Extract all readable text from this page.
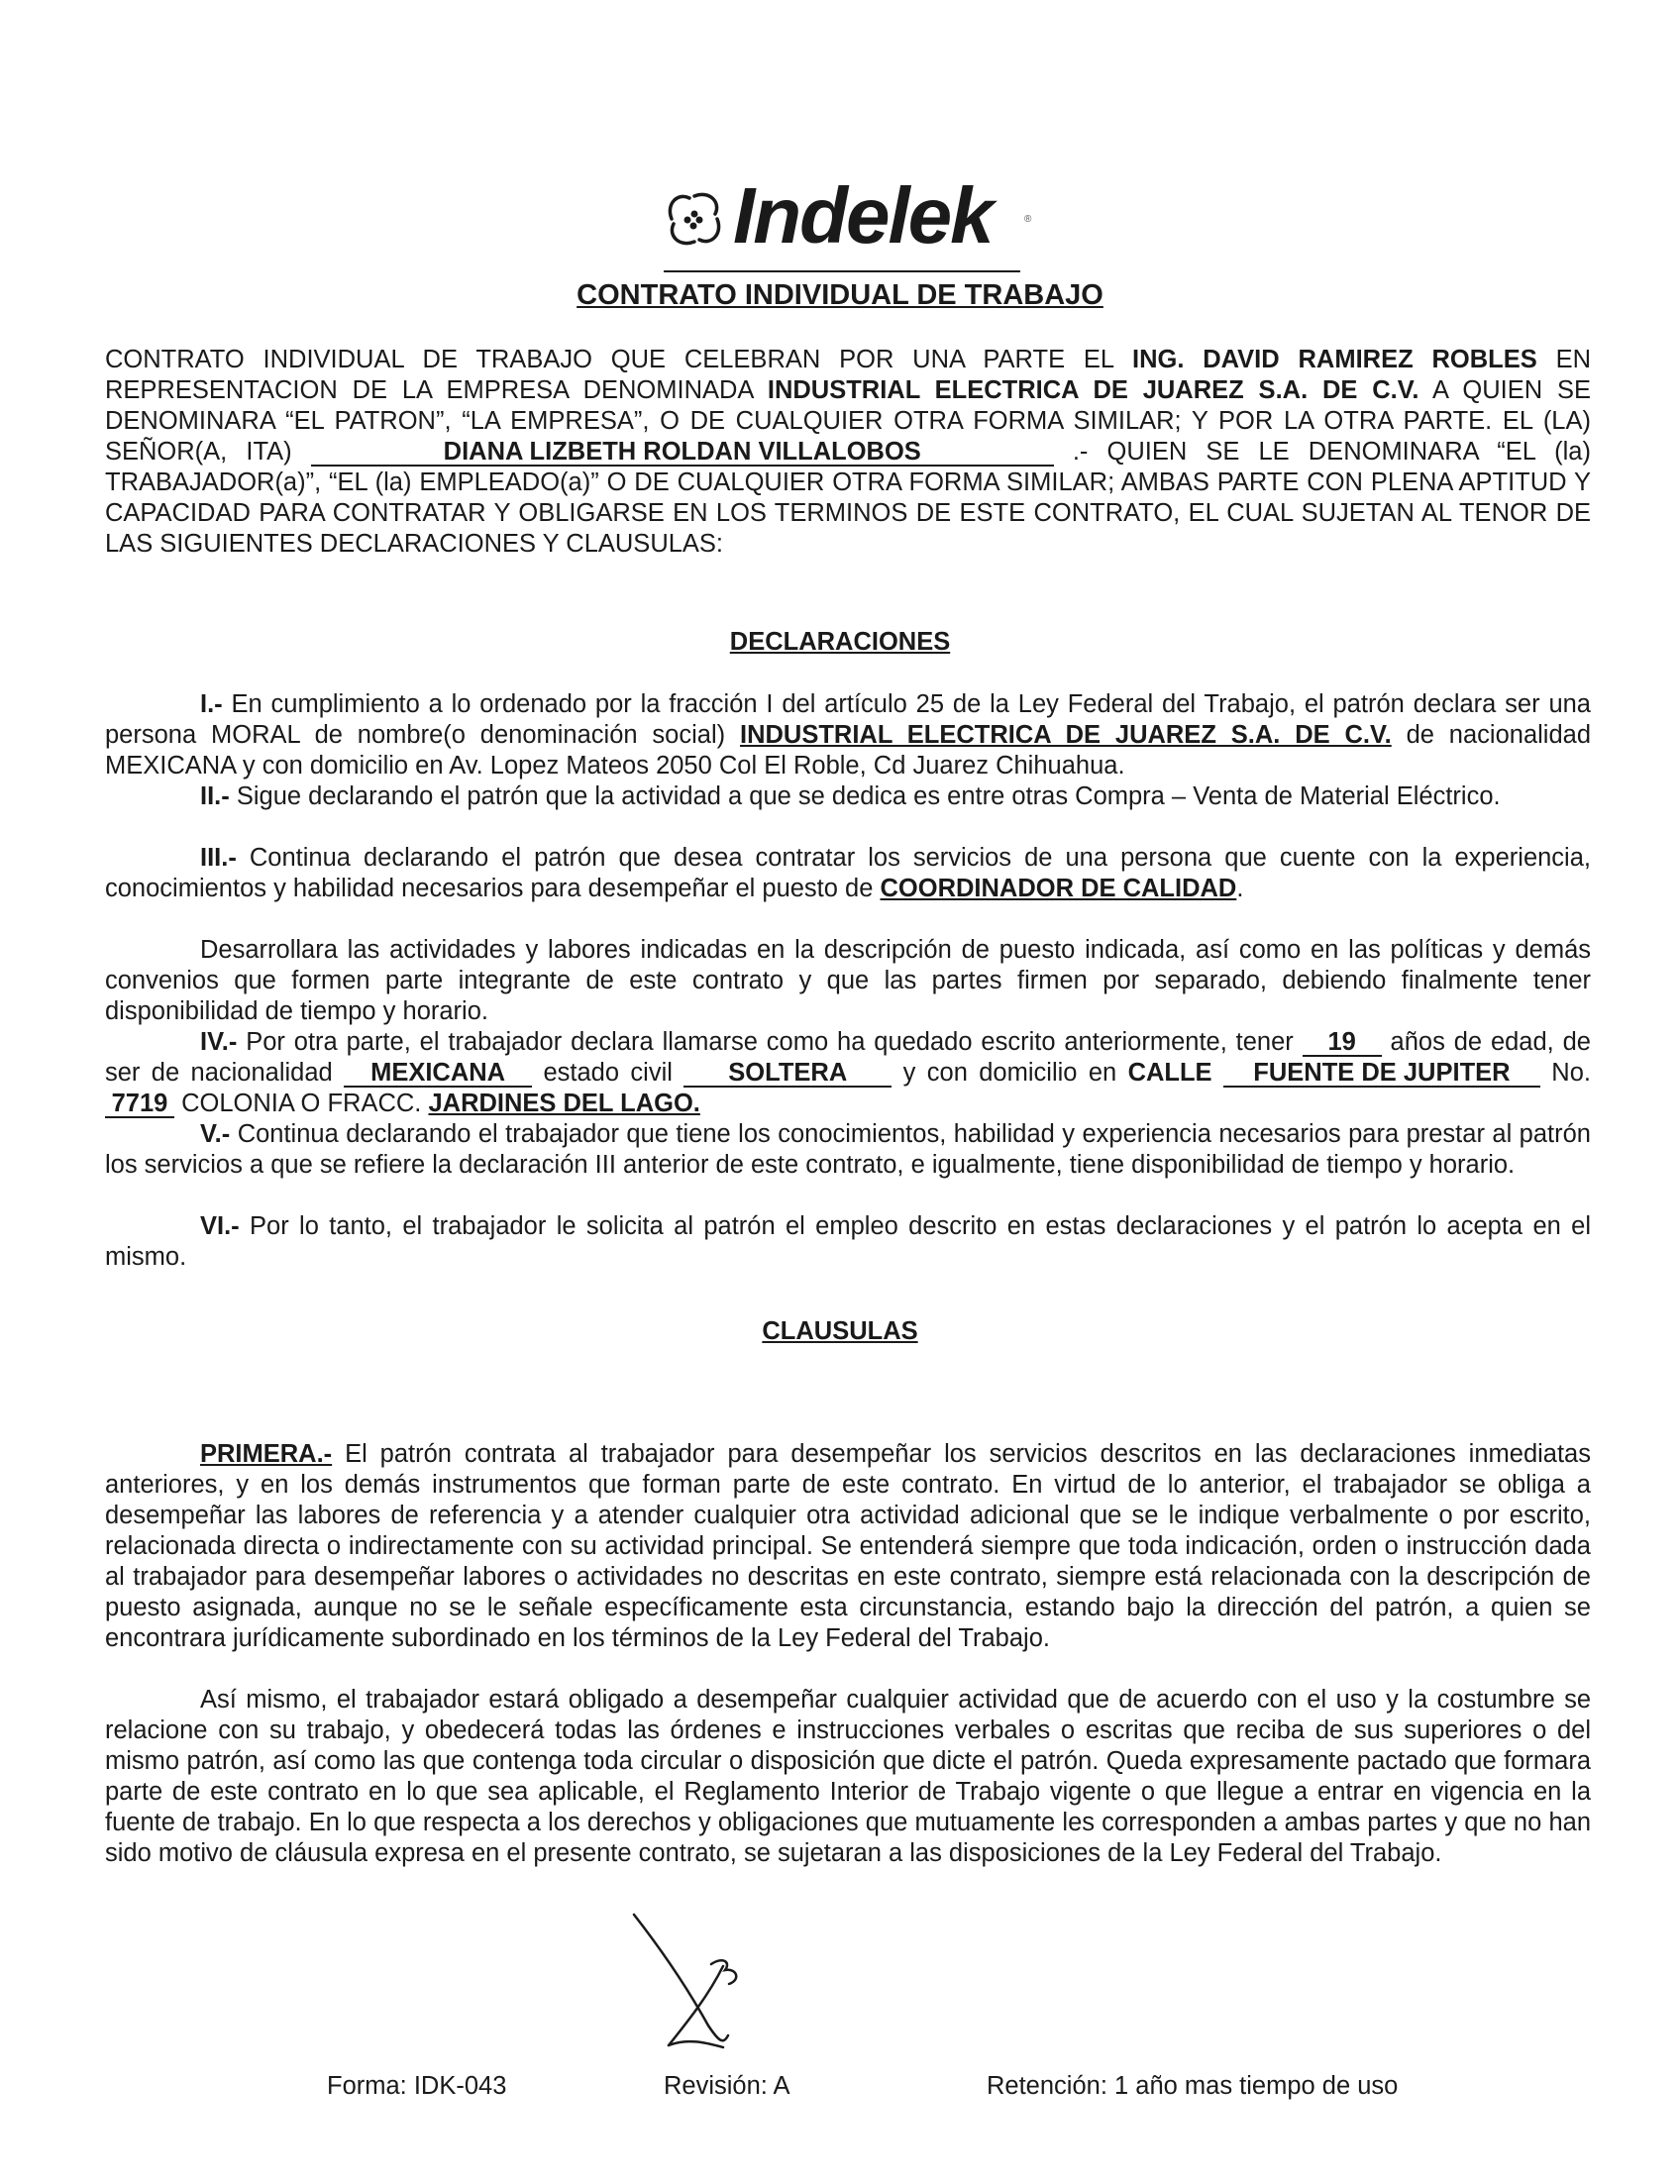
Indelek	®
CONTRATO INDIVIDUAL DE TRABAJO

CONTRATO INDIVIDUAL DE TRABAJO QUE CELEBRAN POR UNA PARTE EL ING. DAVID RAMIREZ ROBLES EN REPRESENTACION DE LA EMPRESA DENOMINADA INDUSTRIAL ELECTRICA DE JUAREZ S.A. DE C.V. A QUIEN SE DENOMINARA “EL PATRON”, “LA EMPRESA”, O DE CUALQUIER OTRA FORMA SIMILAR; Y POR LA OTRA PARTE. EL (LA) SEÑOR(A, ITA)	DIANA LIZBETH ROLDAN VILLALOBOS	.- QUIEN SE LE DENOMINARA “EL (la) TRABAJADOR(a)”, “EL (la) EMPLEADO(a)” O DE CUALQUIER OTRA FORMA SIMILAR; AMBAS PARTE CON PLENA APTITUD Y CAPACIDAD PARA CONTRATAR Y OBLIGARSE EN LOS TERMINOS DE ESTE CONTRATO, EL CUAL SUJETAN AL TENOR DE LAS SIGUIENTES DECLARACIONES Y CLAUSULAS:

DECLARACIONES

I.- En cumplimiento a lo ordenado por la fracción I del artículo 25 de la Ley Federal del Trabajo, el patrón declara ser una persona MORAL de nombre(o denominación social) INDUSTRIAL ELECTRICA DE JUAREZ S.A. DE C.V. de nacionalidad MEXICANA y con domicilio en Av. Lopez Mateos 2050 Col El Roble, Cd Juarez Chihuahua.

II.- Sigue declarando el patrón que la actividad a que se dedica es entre otras Compra – Venta de Material Eléctrico.

III.- Continua declarando el patrón que desea contratar los servicios de una persona que cuente con la experiencia, conocimientos y habilidad necesarios para desempeñar el puesto de COORDINADOR DE CALIDAD.

Desarrollara las actividades y labores indicadas en la descripción de puesto indicada, así como en las políticas y demás convenios que formen parte integrante de este contrato y que las partes firmen por separado, debiendo finalmente tener disponibilidad de tiempo y horario.

IV.- Por otra parte, el trabajador declara llamarse como ha quedado escrito anteriormente, tener 19 años de edad, de ser de nacionalidad MEXICANA estado civil SOLTERA y con domicilio en CALLE FUENTE DE JUPITER No. 7719 COLONIA O FRACC. JARDINES DEL LAGO.

V.- Continua declarando el trabajador que tiene los conocimientos, habilidad y experiencia necesarios para prestar al patrón los servicios a que se refiere la declaración III anterior de este contrato, e igualmente, tiene disponibilidad de tiempo y horario.

VI.- Por lo tanto, el trabajador le solicita al patrón el empleo descrito en estas declaraciones y el patrón lo acepta en el mismo.

CLAUSULAS

PRIMERA.- El patrón contrata al trabajador para desempeñar los servicios descritos en las declaraciones inmediatas anteriores, y en los demás instrumentos que forman parte de este contrato. En virtud de lo anterior, el trabajador se obliga a desempeñar las labores de referencia y a atender cualquier otra actividad adicional que se le indique verbalmente o por escrito, relacionada directa o indirectamente con su actividad principal. Se entenderá siempre que toda indicación, orden o instrucción dada al trabajador para desempeñar labores o actividades no descritas en este contrato, siempre está relacionada con la descripción de puesto asignada, aunque no se le señale específicamente esta circunstancia, estando bajo la dirección del patrón, a quien se encontrara jurídicamente subordinado en los términos de la Ley Federal del Trabajo.

Así mismo, el trabajador estará obligado a desempeñar cualquier actividad que de acuerdo con el uso y la costumbre se relacione con su trabajo, y obedecerá todas las órdenes e instrucciones verbales o escritas que reciba de sus superiores o del mismo patrón, así como las que contenga toda circular o disposición que dicte el patrón. Queda expresamente pactado que formara parte de este contrato en lo que sea aplicable, el Reglamento Interior de Trabajo vigente o que llegue a entrar en vigencia en la fuente de trabajo. En lo que respecta a los derechos y obligaciones que mutuamente les corresponden a ambas partes y que no han sido motivo de cláusula expresa en el presente contrato, se sujetaran a las disposiciones de la Ley Federal del Trabajo.

Forma: IDK-043	Revisión: A	Retención: 1 año mas tiempo de uso
